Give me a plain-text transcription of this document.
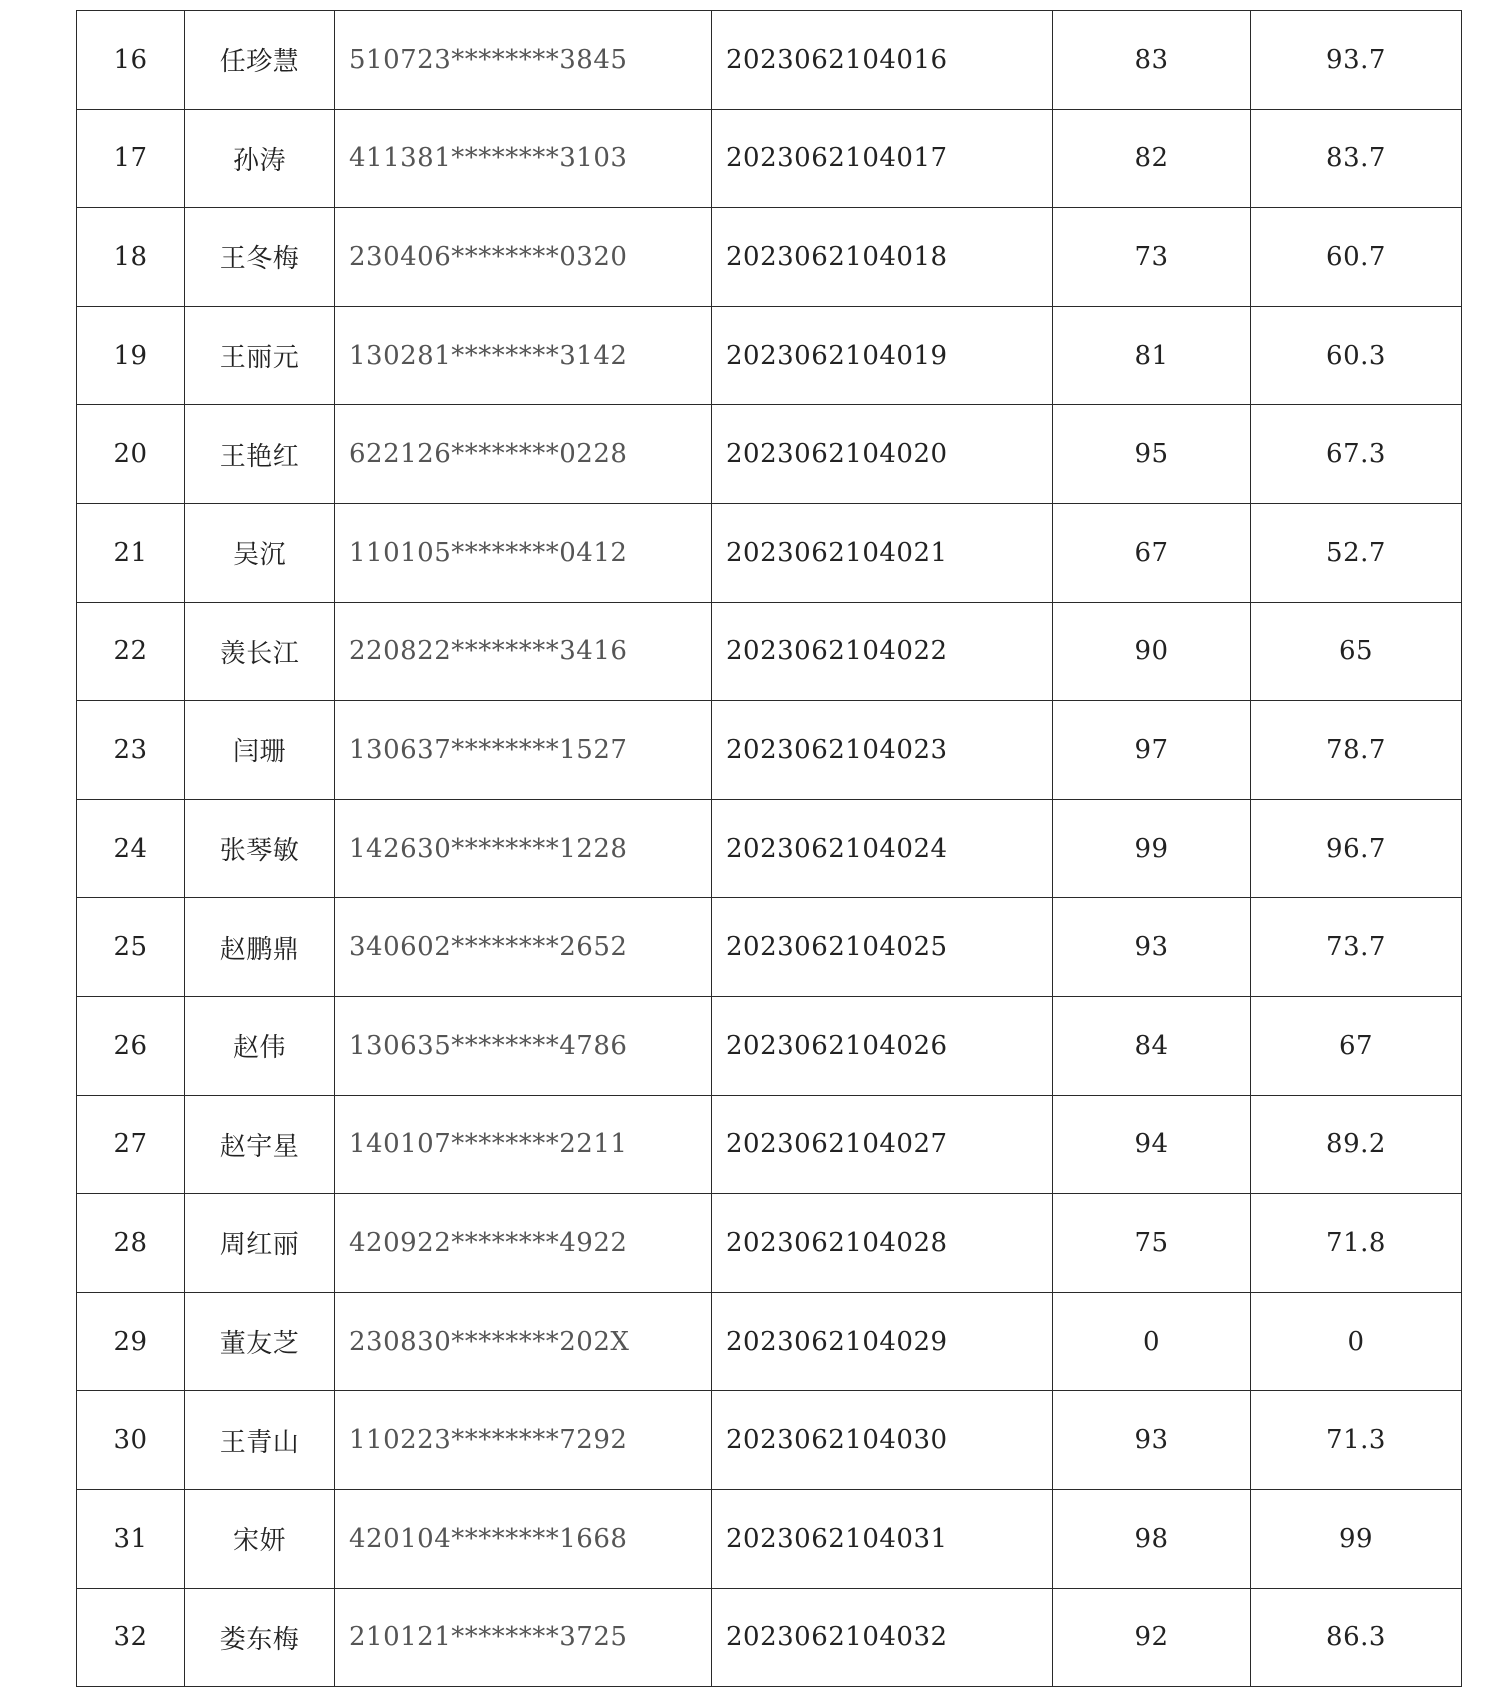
16	任珍慧	510723********3845	2023062104016	83	93.7
17	孙涛	411381********3103	2023062104017	82	83.7
18	王冬梅	230406********0320	2023062104018	73	60.7
19	王丽元	130281********3142	2023062104019	81	60.3
20	王艳红	622126********0228	2023062104020	95	67.3
21	吴沉	110105********0412	2023062104021	67	52.7
22	羡长江	220822********3416	2023062104022	90	65
23	闫珊	130637********1527	2023062104023	97	78.7
24	张琴敏	142630********1228	2023062104024	99	96.7
25	赵鹏鼎	340602********2652	2023062104025	93	73.7
26	赵伟	130635********4786	2023062104026	84	67
27	赵宇星	140107********2211	2023062104027	94	89.2
28	周红丽	420922********4922	2023062104028	75	71.8
29	董友芝	230830********202X	2023062104029	0	0
30	王青山	110223********7292	2023062104030	93	71.3
31	宋妍	420104********1668	2023062104031	98	99
32	娄东梅	210121********3725	2023062104032	92	86.3
